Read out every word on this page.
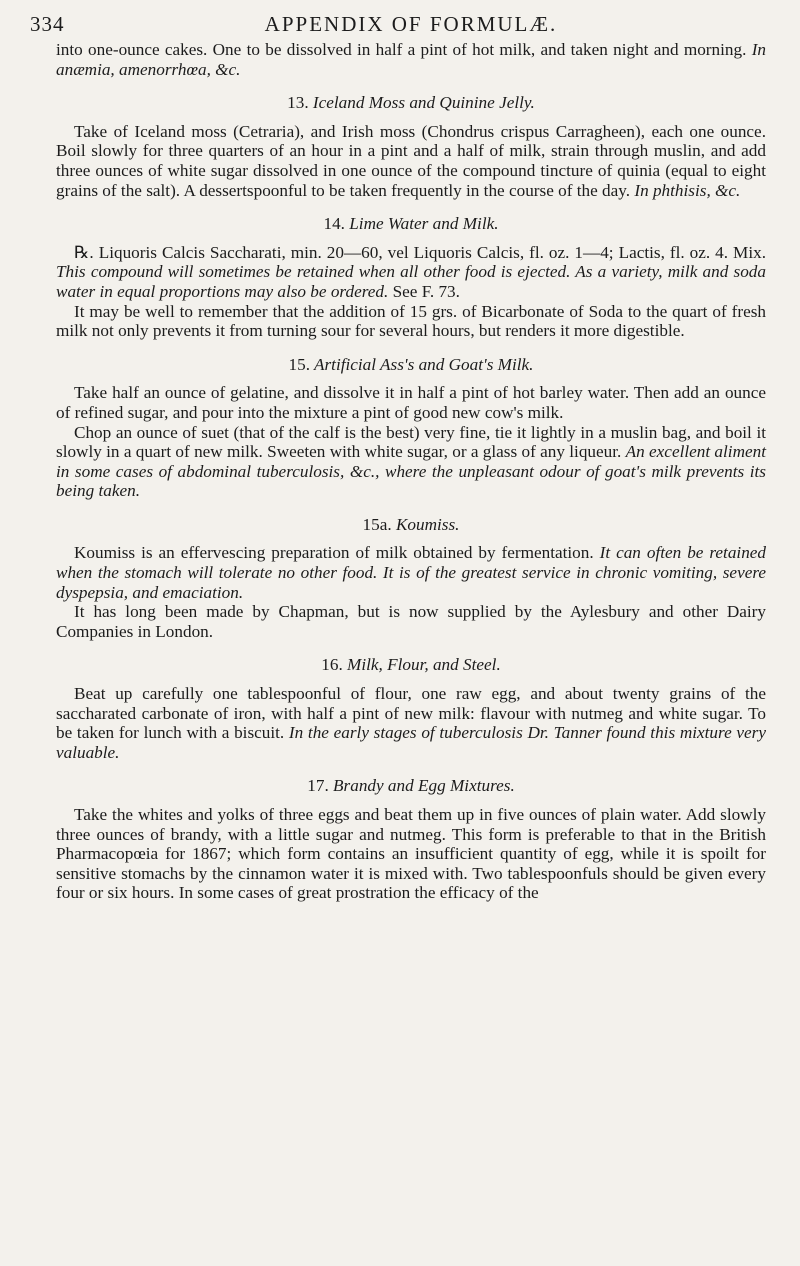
334	APPENDIX OF FORMULÆ.

into one-ounce cakes. One to be dissolved in half a pint of hot milk, and taken night and morning. In anæmia, amenorrhœa, &c.

13. Iceland Moss and Quinine Jelly.

Take of Iceland moss (Cetraria), and Irish moss (Chondrus crispus Carragheen), each one ounce. Boil slowly for three quarters of an hour in a pint and a half of milk, strain through muslin, and add three ounces of white sugar dissolved in one ounce of the compound tincture of quinia (equal to eight grains of the salt). A dessertspoonful to be taken frequently in the course of the day. In phthisis, &c.

14. Lime Water and Milk.

℞. Liquoris Calcis Saccharati, min. 20—60, vel Liquoris Calcis, fl. oz. 1—4; Lactis, fl. oz. 4. Mix. This compound will sometimes be retained when all other food is ejected. As a variety, milk and soda water in equal proportions may also be ordered. See F. 73.

It may be well to remember that the addition of 15 grs. of Bicarbonate of Soda to the quart of fresh milk not only prevents it from turning sour for several hours, but renders it more digestible.

15. Artificial Ass's and Goat's Milk.

Take half an ounce of gelatine, and dissolve it in half a pint of hot barley water. Then add an ounce of refined sugar, and pour into the mixture a pint of good new cow's milk.

Chop an ounce of suet (that of the calf is the best) very fine, tie it lightly in a muslin bag, and boil it slowly in a quart of new milk. Sweeten with white sugar, or a glass of any liqueur. An excellent aliment in some cases of abdominal tuberculosis, &c., where the unpleasant odour of goat's milk prevents its being taken.

15a. Koumiss.

Koumiss is an effervescing preparation of milk obtained by fermentation. It can often be retained when the stomach will tolerate no other food. It is of the greatest service in chronic vomiting, severe dyspepsia, and emaciation.

It has long been made by Chapman, but is now supplied by the Aylesbury and other Dairy Companies in London.

16. Milk, Flour, and Steel.

Beat up carefully one tablespoonful of flour, one raw egg, and about twenty grains of the saccharated carbonate of iron, with half a pint of new milk: flavour with nutmeg and white sugar. To be taken for lunch with a biscuit. In the early stages of tuberculosis Dr. Tanner found this mixture very valuable.

17. Brandy and Egg Mixtures.

Take the whites and yolks of three eggs and beat them up in five ounces of plain water. Add slowly three ounces of brandy, with a little sugar and nutmeg. This form is preferable to that in the British Pharmacopœia for 1867; which form contains an insufficient quantity of egg, while it is spoilt for sensitive stomachs by the cinnamon water it is mixed with. Two tablespoonfuls should be given every four or six hours. In some cases of great prostration the efficacy of the
